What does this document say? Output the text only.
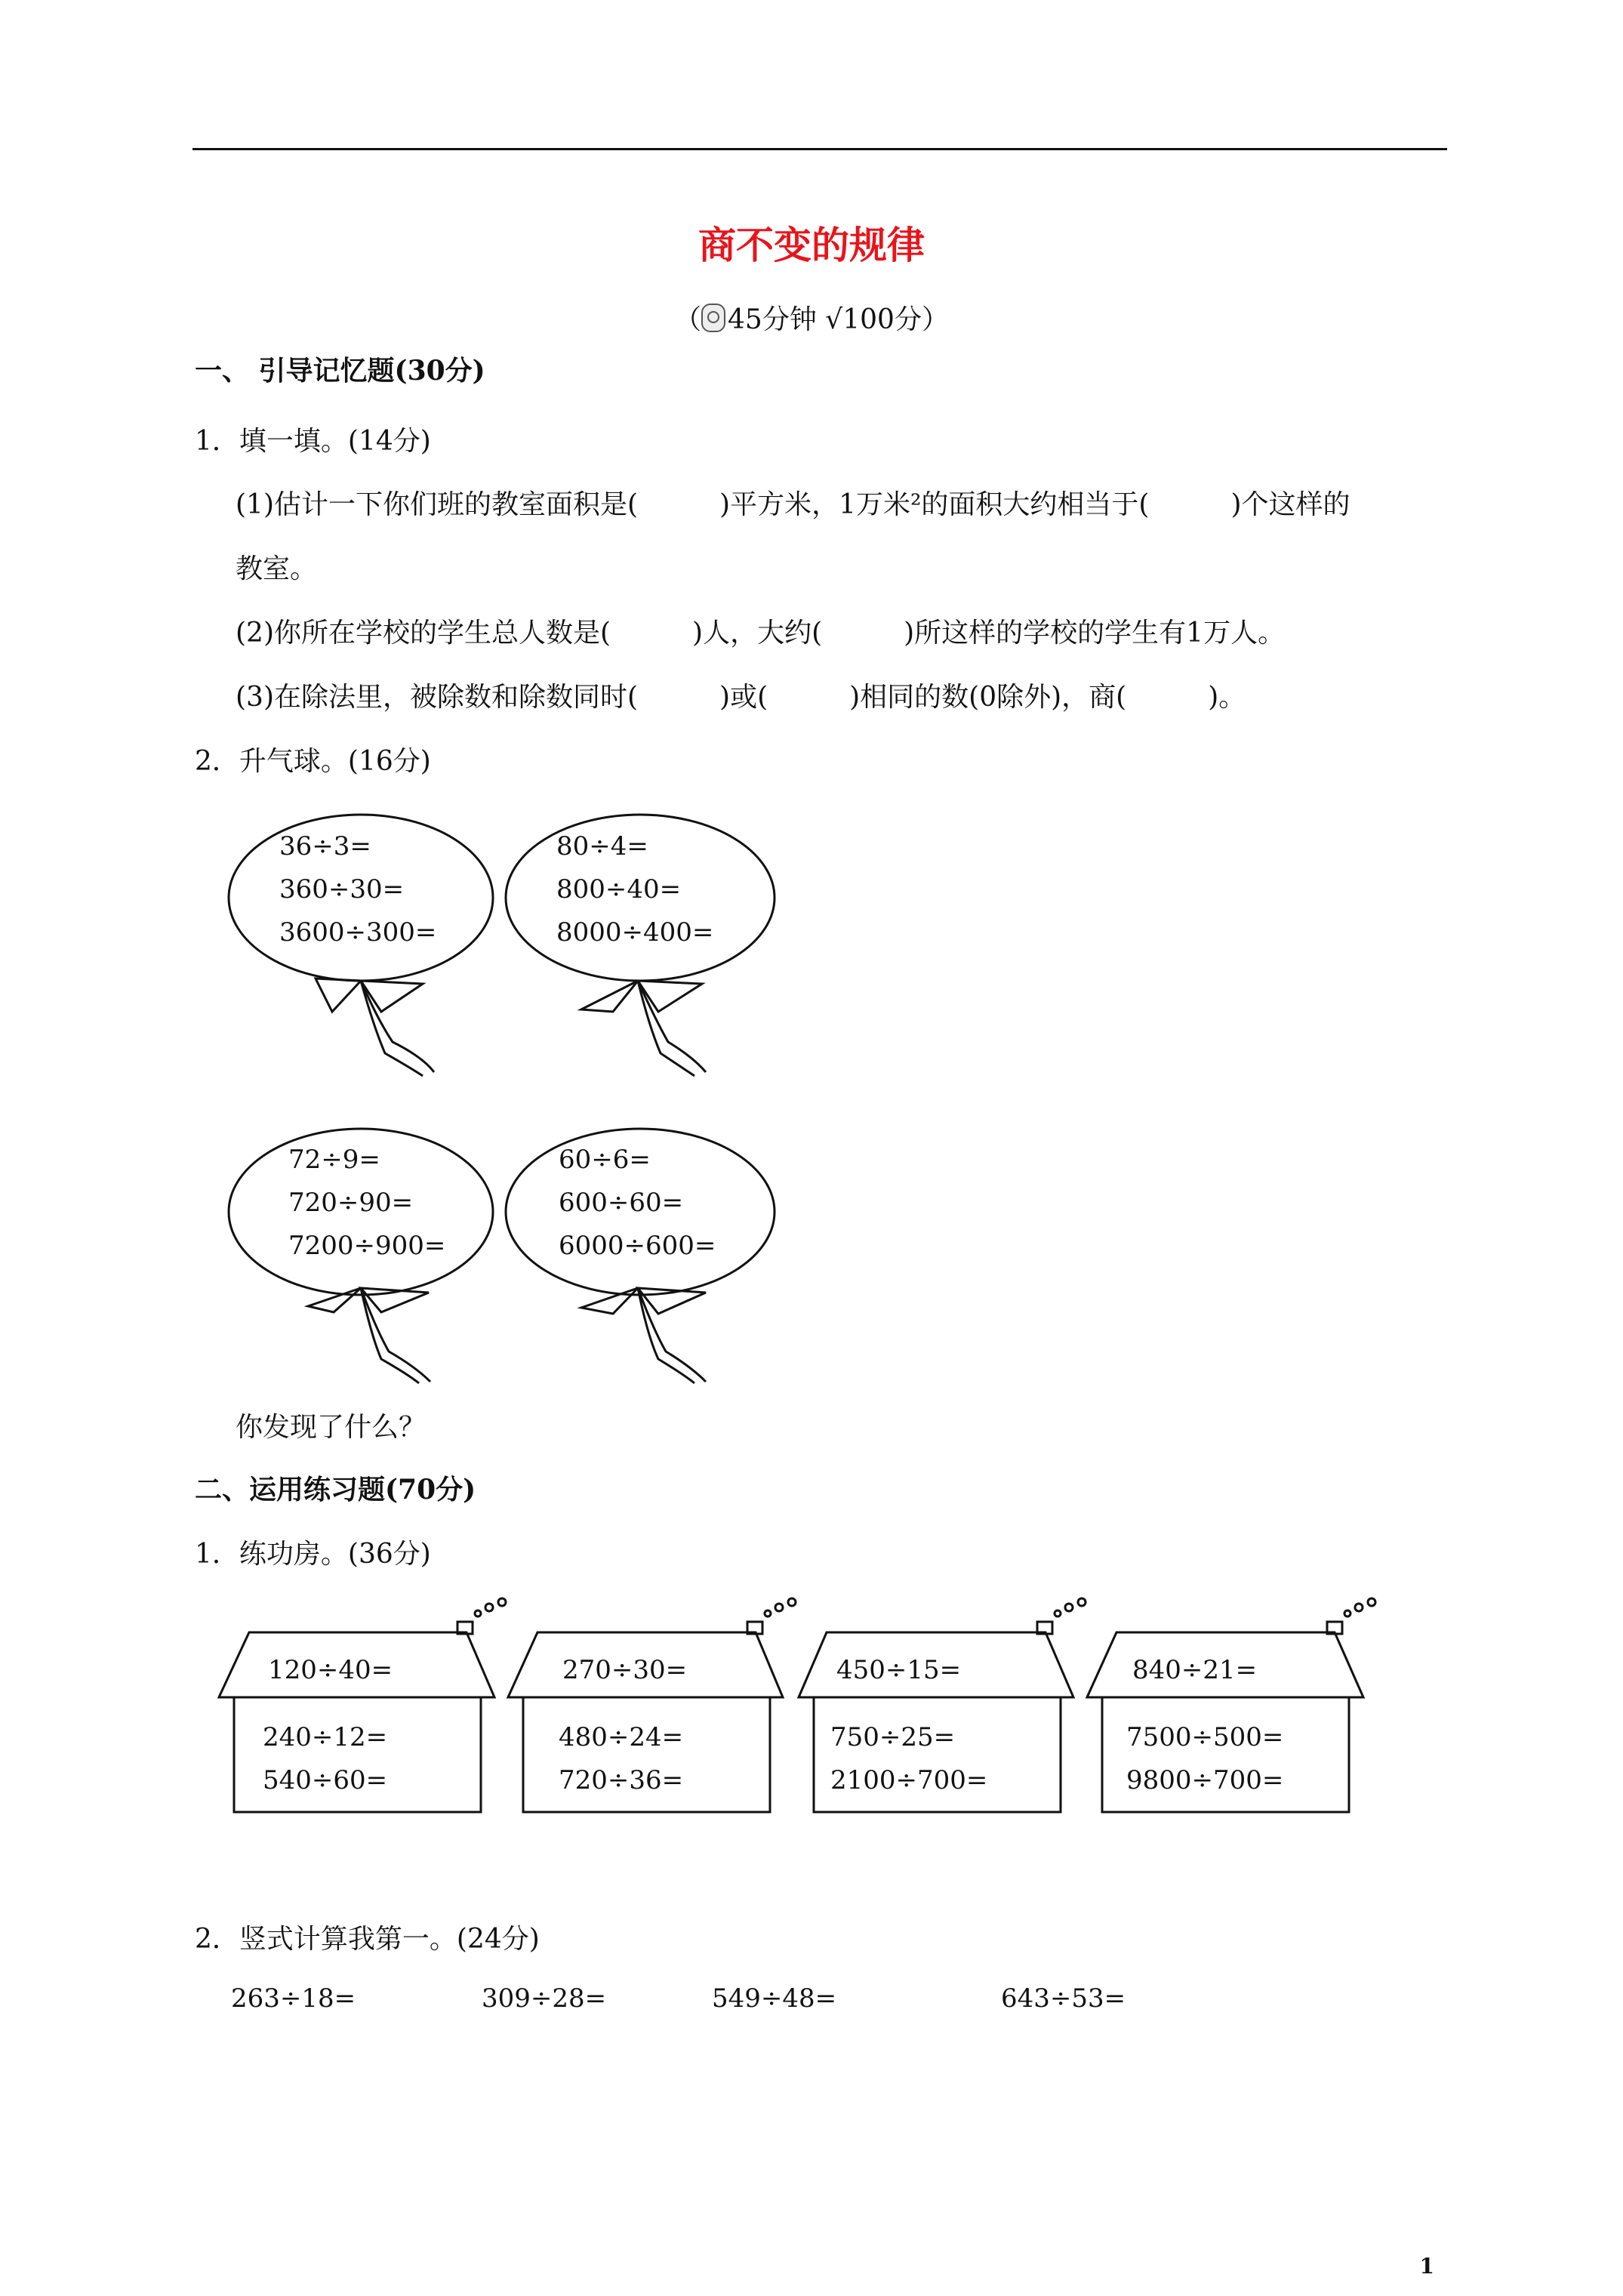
商不变的规律
（ 45分钟 √100分）
一、 引导记忆题(30分)
1．填一填。(14分)
(1)估计一下你们班的教室面积是(　　　)平方米，1万米²的面积大约相当于(　　　)个这样的
教室。
(2)你所在学校的学生总人数是(　　　)人，大约(　　　)所这样的学校的学生有1万人。
(3)在除法里，被除数和除数同时(　　　)或(　　　)相同的数(0除外)，商(　　　)。
2．升气球。(16分)
36÷3=
360÷30=
3600÷300=
80÷4=
800÷40=
8000÷400=
72÷9=
720÷90=
7200÷900=
60÷6=
600÷60=
6000÷600=
你发现了什么？
二、运用练习题(70分)
1．练功房。(36分)
120÷40=
240÷12=
540÷60=
270÷30=
480÷24=
720÷36=
450÷15=
750÷25=
2100÷700=
840÷21=
7500÷500=
9800÷700=
2．竖式计算我第一。(24分)
263÷18=	309÷28=	549÷48=	643÷53=
1
